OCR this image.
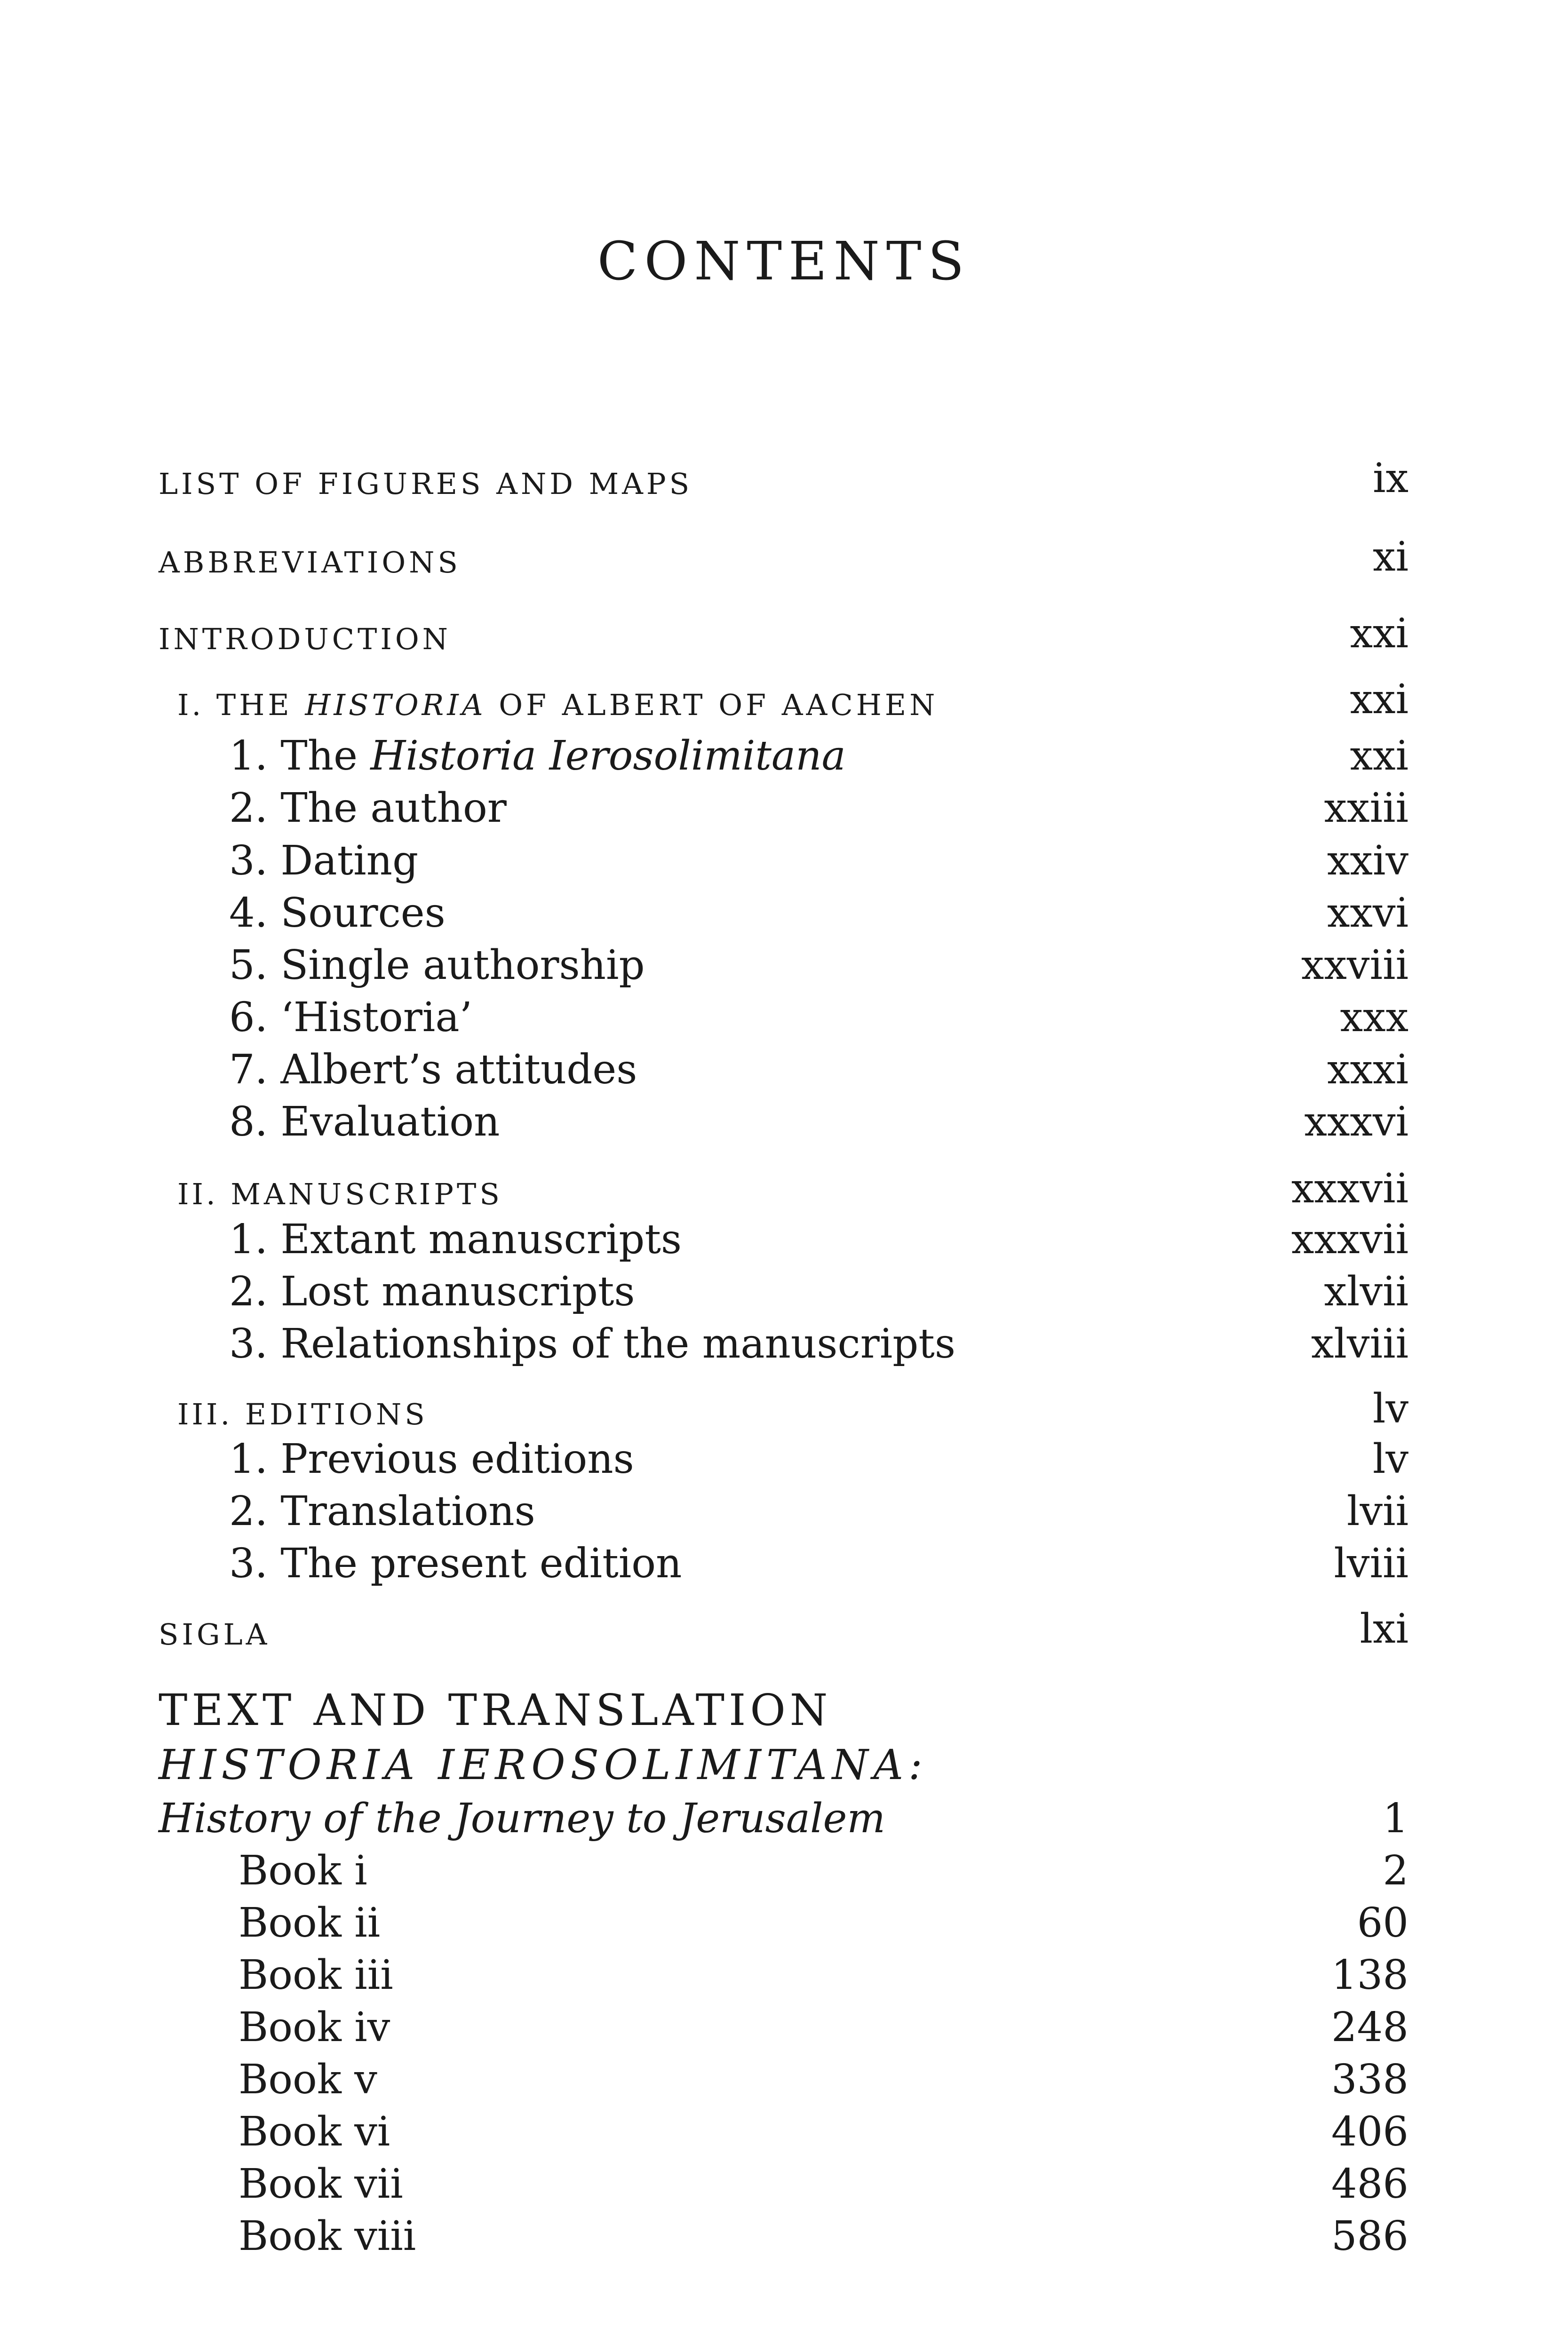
CONTENTS
LIST OF FIGURES AND MAPS	ix
ABBREVIATIONS	xi
INTRODUCTION	xxi
I. THE HISTORIA OF ALBERT OF AACHEN	xxi
1. The Historia Ierosolimitana	xxi
2. The author	xxiii
3. Dating	xxiv
4. Sources	xxvi
5. Single authorship	xxviii
6. ‘Historia’	xxx
7. Albert’s attitudes	xxxi
8. Evaluation	xxxvi
II. MANUSCRIPTS	xxxvii
1. Extant manuscripts	xxxvii
2. Lost manuscripts	xlvii
3. Relationships of the manuscripts	xlviii
III. EDITIONS	lv
1. Previous editions	lv
2. Translations	lvii
3. The present edition	lviii
SIGLA	lxi
TEXT AND TRANSLATION
HISTORIA IEROSOLIMITANA:
History of the Journey to Jerusalem	1
Book i	2
Book ii	60
Book iii	138
Book iv	248
Book v	338
Book vi	406
Book vii	486
Book viii	586
